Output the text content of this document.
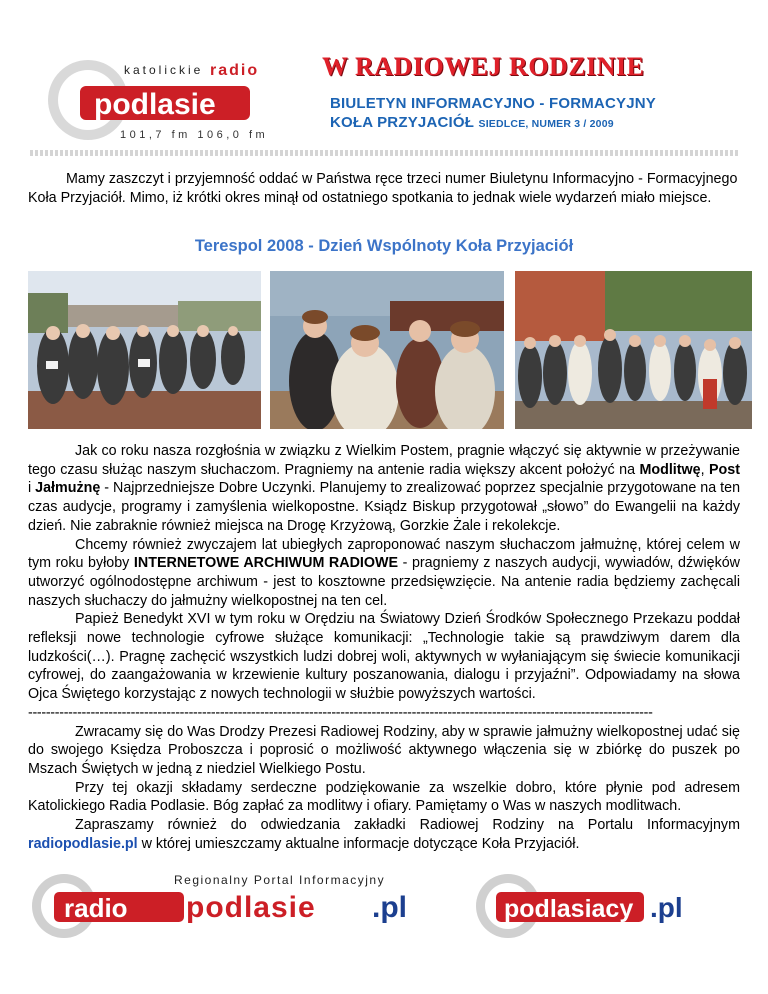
katolickie radio
podlasie
101,7 fm 106,0 fm
W RADIOWEJ RODZINIE
BIULETYN INFORMACYJNO - FORMACYJNY
KOŁA PRZYJACIÓŁ SIEDLCE, NUMER 3 / 2009

Mamy zaszczyt i przyjemność oddać w Państwa ręce trzeci numer Biuletynu Informacyjno - Formacyjnego Koła Przyjaciół. Mimo, iż krótki okres minął od ostatniego spotkania to jednak wiele wydarzeń miało miejsce.

Terespol 2008 - Dzień Wspólnoty Koła Przyjaciół

Jak co roku nasza rozgłośnia w związku z Wielkim Postem, pragnie włączyć się aktywnie w przeżywanie tego czasu służąc naszym słuchaczom. Pragniemy na antenie radia większy akcent położyć na Modlitwę, Post i Jałmużnę - Najprzedniejsze Dobre Uczynki. Planujemy to zrealizować poprzez specjalnie przygotowane na ten czas audycje, programy i zamyślenia wielkopostne. Ksiądz Biskup przygotował „słowo” do Ewangelii na każdy dzień. Nie zabraknie również miejsca na Drogę Krzyżową, Gorzkie Żale i rekolekcje.

Chcemy również zwyczajem lat ubiegłych zaproponować naszym słuchaczom jałmużnę, której celem w tym roku byłoby INTERNETOWE ARCHIWUM RADIOWE - pragniemy z naszych audycji, wywiadów, dźwięków utworzyć ogólnodostępne archiwum - jest to kosztowne przedsięwzięcie. Na antenie radia będziemy zachęcali naszych słuchaczy do jałmużny wielkopostnej na ten cel.

Papież Benedykt XVI w tym roku w Orędziu na Światowy Dzień Środków Społecznego Przekazu poddał refleksji nowe technologie cyfrowe służące komunikacji: „Technologie takie są prawdziwym darem dla ludzkości(…). Pragnę zachęcić wszystkich ludzi dobrej woli, aktywnych w wyłaniającym się świecie komunikacji cyfrowej, do zaangażowania w krzewienie kultury poszanowania, dialogu i przyjaźni”. Odpowiadamy na słowa Ojca Świętego korzystając z nowych technologii w służbie powyższych wartości.

--------------------------------------------------------------------------------------------------------------------------------------------

Zwracamy się do Was Drodzy Prezesi Radiowej Rodziny, aby w sprawie jałmużny wielkopostnej udać się do swojego Księdza Proboszcza i poprosić o możliwość aktywnego włączenia się w zbiórkę do puszek po Mszach Świętych w jedną z niedziel Wielkiego Postu.

Przy tej okazji składamy serdeczne podziękowanie za wszelkie dobro, które płynie pod adresem Katolickiego Radia Podlasie. Bóg zapłać za modlitwy i ofiary. Pamiętamy o Was w naszych modlitwach.

Zapraszamy również do odwiedzania zakładki Radiowej Rodziny na Portalu Informacyjnym radiopodlasie.pl w której umieszczamy aktualne informacje dotyczące Koła Przyjaciół.

Regionalny Portal Informacyjny
radio podlasie .pl	podlasiacy .pl
